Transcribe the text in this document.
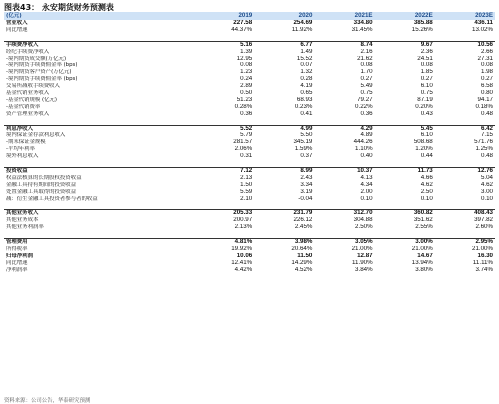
图表43： 永安期货财务预测表
(亿元)	2019	2020	2021E	2022E	2023E
营业收入	227.58	254.69	334.80	385.88	436.11
同比增速	44.37%	11.92%	31.45%	15.26%	13.02%

手续费净收入	5.16	6.77	8.74	9.67	10.56
经纪手续费净收入	1.39	1.49	2.16	2.36	2.66
-境内期货成交额(万亿元)	12.95	15.52	21.62	24.51	27.31
-境内期货手续费佣金率 (bps)	0.08	0.07	0.08	0.08	0.08
-境内期货客户资产(万亿元)	1.23	1.32	1.70	1.85	1.98
-境内期货手续费佣金率 (bps)	0.24	0.28	0.27	0.27	0.27
交易所减收手续费收入	2.89	4.19	5.49	6.10	6.58
基金代销业务收入	0.50	0.65	0.75	0.75	0.80
-基金代销规模 (亿元)	51.23	68.93	79.27	87.19	94.17
-基金代销费率	0.28%	0.23%	0.22%	0.20%	0.18%
资产管理业务收入	0.36	0.41	0.36	0.43	0.48

利息净收入	5.52	4.99	4.29	5.45	6.42
境内保证金存款利息收入	5.79	5.50	4.89	6.10	7.15
-期末保证金规模	281.57	345.19	444.26	508.68	571.76
-平均年利率	2.06%	1.59%	1.10%	1.20%	1.25%
境外利息收入	0.31	0.37	0.40	0.44	0.48

投资收益	7.12	8.99	10.37	11.73	12.76
权益法核算的长期股权投资收益	2.13	2.43	4.13	4.66	5.04
金融工具持有期间的投资收益	1.50	3.34	4.34	4.62	4.62
处置金融工具取得的投资收益	5.59	3.19	2.00	2.50	3.00
减：衍生金融工具投资者参与者的收益	2.10	-0.04	0.10	0.10	0.10

其他业务收入	205.33	231.79	312.70	360.82	408.43
其他业务成本	200.97	226.12	304.88	351.62	397.82
其他业务利润率	2.13%	2.45%	2.50%	2.55%	2.60%

管理费用	4.81%	3.98%	3.05%	3.00%	2.95%
所得税率	19.92%	20.64%	21.00%	21.00%	21.00%
归母净利润	10.06	11.50	12.87	14.67	16.30
同比增速	12.41%	14.29%	11.90%	13.94%	11.11%
净利润率	4.42%	4.52%	3.84%	3.80%	3.74%
资料来源：公司公告，华泰研究预测
